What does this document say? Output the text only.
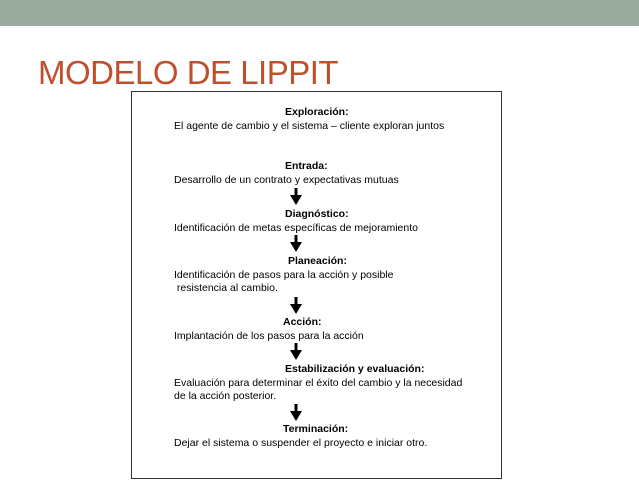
MODELO DE LIPPIT
Exploración:
El agente de cambio y el sistema – cliente exploran juntos
Entrada:
Desarrollo de un contrato y expectativas mutuas
Diagnóstico:
Identificación de metas específicas de mejoramiento
Planeación:
Identificación de pasos para la acción y posible
resistencia al cambio.
Acción:
Implantación de los pasos para la acción
Estabilización y evaluación:
Evaluación para determinar el éxito del cambio y la necesidad
de la acción posterior.
Terminación:
Dejar el sistema o suspender el proyecto e iniciar otro.
